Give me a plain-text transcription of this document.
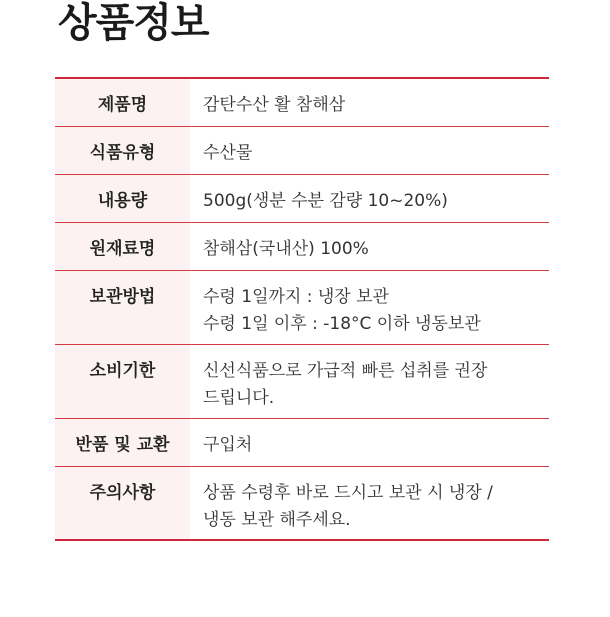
상품정보
제품명	감탄수산 활 참해삼

식품유형	수산물

내용량	500g(생분 수분 감량 10~20%)

원재료명	참해삼(국내산) 100%

보관방법	수령 1일까지 : 냉장 보관
수령 1일 이후 : -18°C 이하 냉동보관

소비기한	신선식품으로 가급적 빠른 섭취를 권장
드립니다.

반품 및 교환	구입처

주의사항	상품 수령후 바로 드시고 보관 시 냉장 /
냉동 보관 해주세요.
